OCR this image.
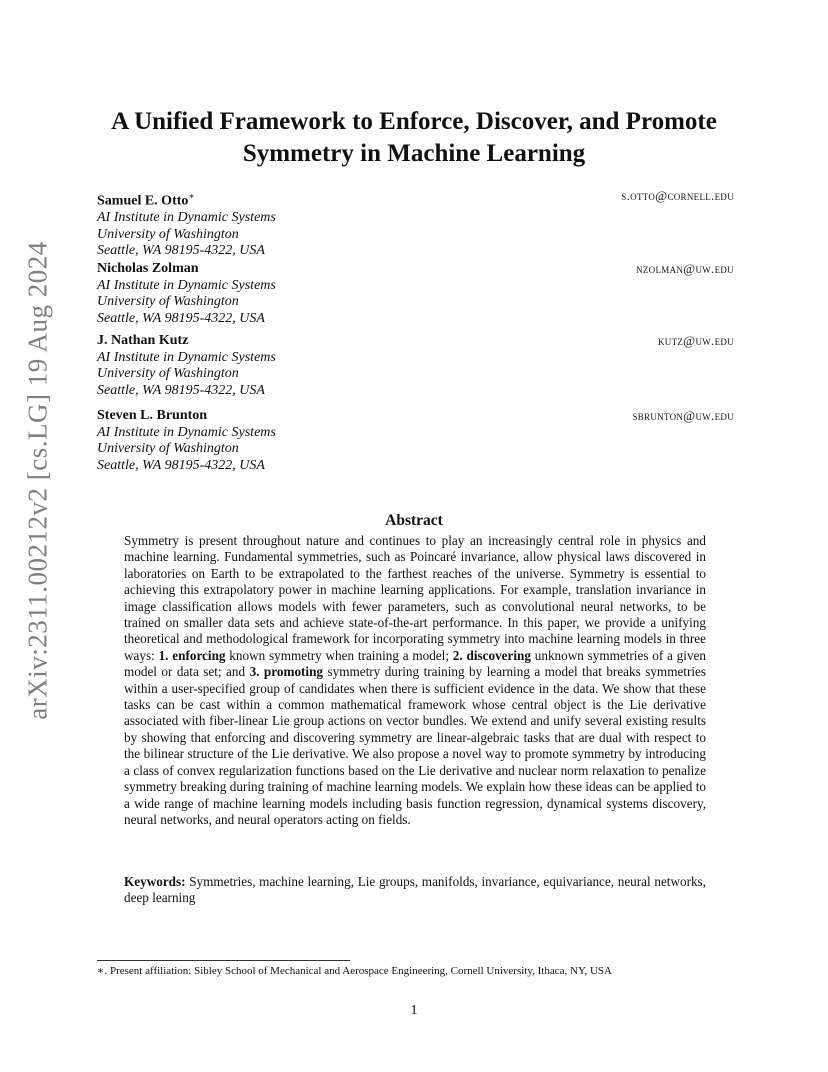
arXiv:2311.00212v2 [cs.LG] 19 Aug 2024
A Unified Framework to Enforce, Discover, and Promote
Symmetry in Machine Learning
Samuel E. Otto∗
AI Institute in Dynamic Systems
University of Washington
Seattle, WA 98195-4322, USA
s.otto@cornell.edu
Nicholas Zolman
AI Institute in Dynamic Systems
University of Washington
Seattle, WA 98195-4322, USA
nzolman@uw.edu
J. Nathan Kutz
AI Institute in Dynamic Systems
University of Washington
Seattle, WA 98195-4322, USA
kutz@uw.edu
Steven L. Brunton
AI Institute in Dynamic Systems
University of Washington
Seattle, WA 98195-4322, USA
sbrunton@uw.edu
Abstract

Symmetry is present throughout nature and continues to play an increasingly central role in physics and machine learning. Fundamental symmetries, such as Poincaré invariance, allow physical laws discovered in laboratories on Earth to be extrapolated to the farthest reaches of the universe. Symmetry is essential to achieving this extrapolatory power in machine learning applications. For example, translation invariance in image classification allows models with fewer parameters, such as convolutional neural networks, to be trained on smaller data sets and achieve state-of-the-art performance. In this paper, we provide a unifying theoretical and methodological framework for incorporating symmetry into machine learning models in three ways: 1. enforcing known symmetry when training a model; 2. discovering unknown symmetries of a given model or data set; and 3. promoting symmetry during training by learning a model that breaks symmetries within a user-specified group of candidates when there is sufficient evidence in the data. We show that these tasks can be cast within a common mathematical framework whose central object is the Lie derivative associated with fiber-linear Lie group actions on vector bundles. We extend and unify several existing results by showing that enforcing and discovering symmetry are linear-algebraic tasks that are dual with respect to the bilinear structure of the Lie derivative. We also propose a novel way to promote symmetry by introducing a class of convex regularization functions based on the Lie derivative and nuclear norm relaxation to penalize symmetry breaking during training of machine learning models. We explain how these ideas can be applied to a wide range of machine learning models including basis function regression, dynamical systems discovery, neural networks, and neural operators acting on fields.

Keywords: Symmetries, machine learning, Lie groups, manifolds, invariance, equivariance, neural networks, deep learning

∗. Present affiliation: Sibley School of Mechanical and Aerospace Engineering, Cornell University, Ithaca, NY, USA
1
